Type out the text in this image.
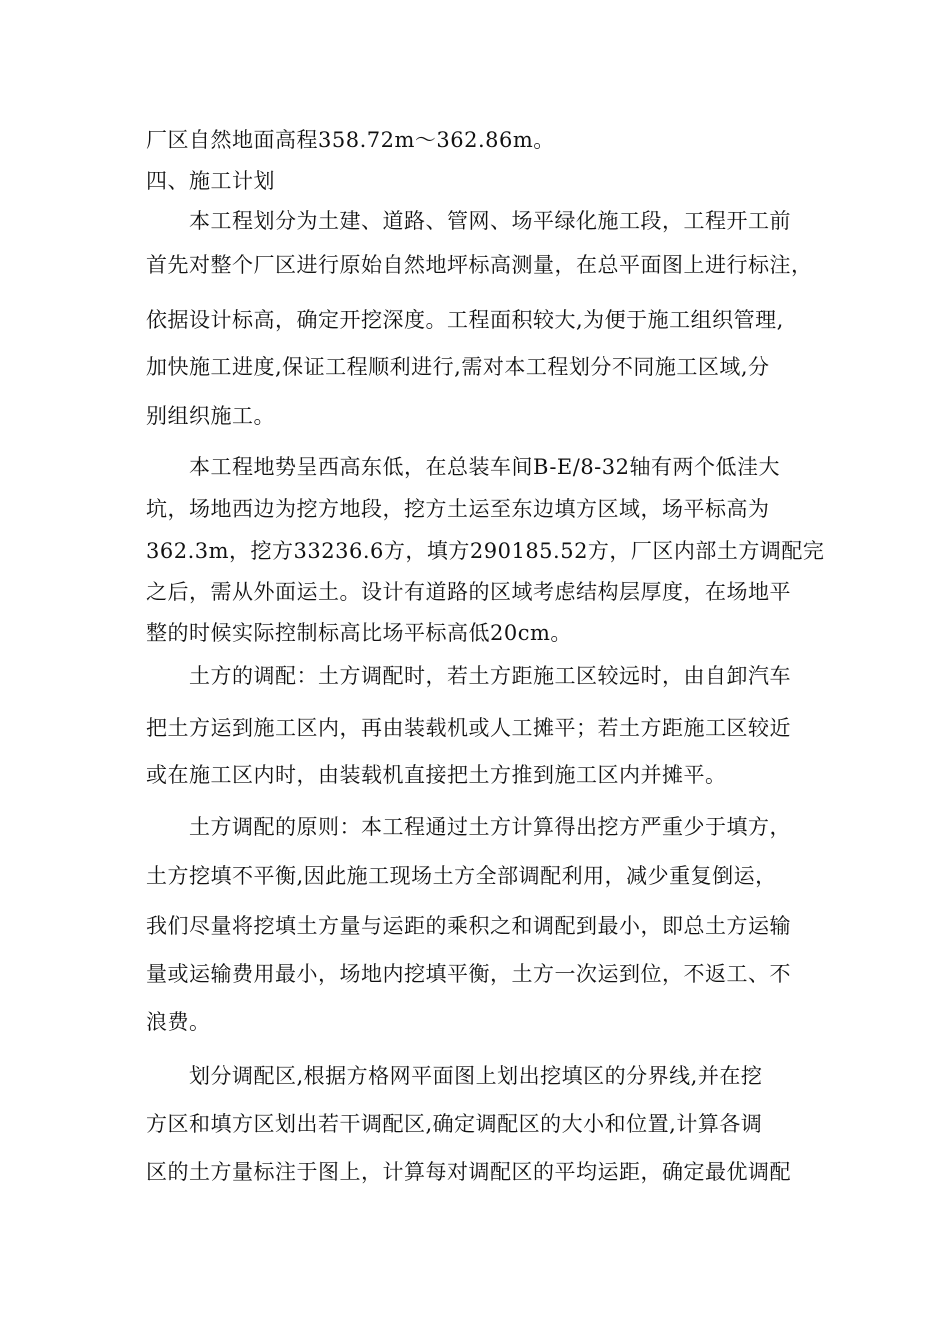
厂区自然地面高程358.72m～362.86m。
四、施工计划
本工程划分为土建、道路、管网、场平绿化施工段，工程开工前
首先对整个厂区进行原始自然地坪标高测量，在总平面图上进行标注，
依据设计标高，确定开挖深度。工程面积较大,为便于施工组织管理,
加快施工进度,保证工程顺利进行,需对本工程划分不同施工区域,分
别组织施工。
本工程地势呈西高东低，在总装车间B-E/8-32轴有两个低洼大
坑，场地西边为挖方地段，挖方土运至东边填方区域，场平标高为
362.3m，挖方33236.6方，填方290185.52方，厂区内部土方调配完
之后，需从外面运土。设计有道路的区域考虑结构层厚度，在场地平
整的时候实际控制标高比场平标高低20cm。
土方的调配：土方调配时，若土方距施工区较远时，由自卸汽车
把土方运到施工区内，再由装载机或人工摊平；若土方距施工区较近
或在施工区内时，由装载机直接把土方推到施工区内并摊平。
土方调配的原则：本工程通过土方计算得出挖方严重少于填方，
土方挖填不平衡,因此施工现场土方全部调配利用，减少重复倒运，
我们尽量将挖填土方量与运距的乘积之和调配到最小，即总土方运输
量或运输费用最小，场地内挖填平衡，土方一次运到位，不返工、不
浪费。
划分调配区,根据方格网平面图上划出挖填区的分界线,并在挖
方区和填方区划出若干调配区,确定调配区的大小和位置,计算各调
区的土方量标注于图上，计算每对调配区的平均运距，确定最优调配
